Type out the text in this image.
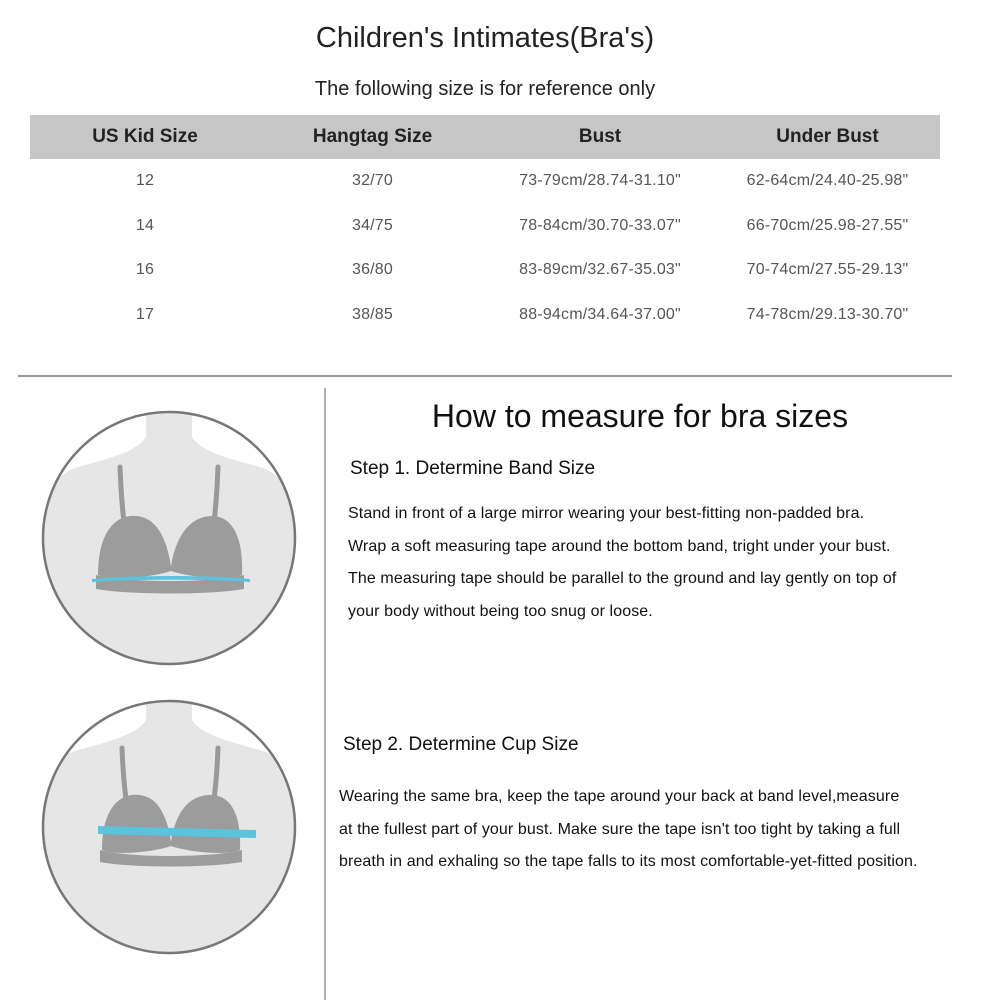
Children's Intimates(Bra's)
The following size is for reference only
US Kid Size	Hangtag Size	Bust	Under Bust
12	32/70	73-79cm/28.74-31.10"	62-64cm/24.40-25.98"
14	34/75	78-84cm/30.70-33.07"	66-70cm/25.98-27.55"
16	36/80	83-89cm/32.67-35.03"	70-74cm/27.55-29.13"
17	38/85	88-94cm/34.64-37.00"	74-78cm/29.13-30.70"
How to measure for bra sizes
Step 1. Determine Band Size
Stand in front of a large mirror wearing your best-fitting non-padded bra.
Wrap a soft measuring tape around the bottom band, tright under your bust.
The measuring tape should be parallel to the ground and lay gently on top of
your body without being too snug or loose.
Step 2. Determine Cup Size
Wearing the same bra, keep the tape around your back at band level,measure
at the fullest part of your bust. Make sure the tape isn't too tight by taking a full
breath in and exhaling so the tape falls to its most comfortable-yet-fitted position.
